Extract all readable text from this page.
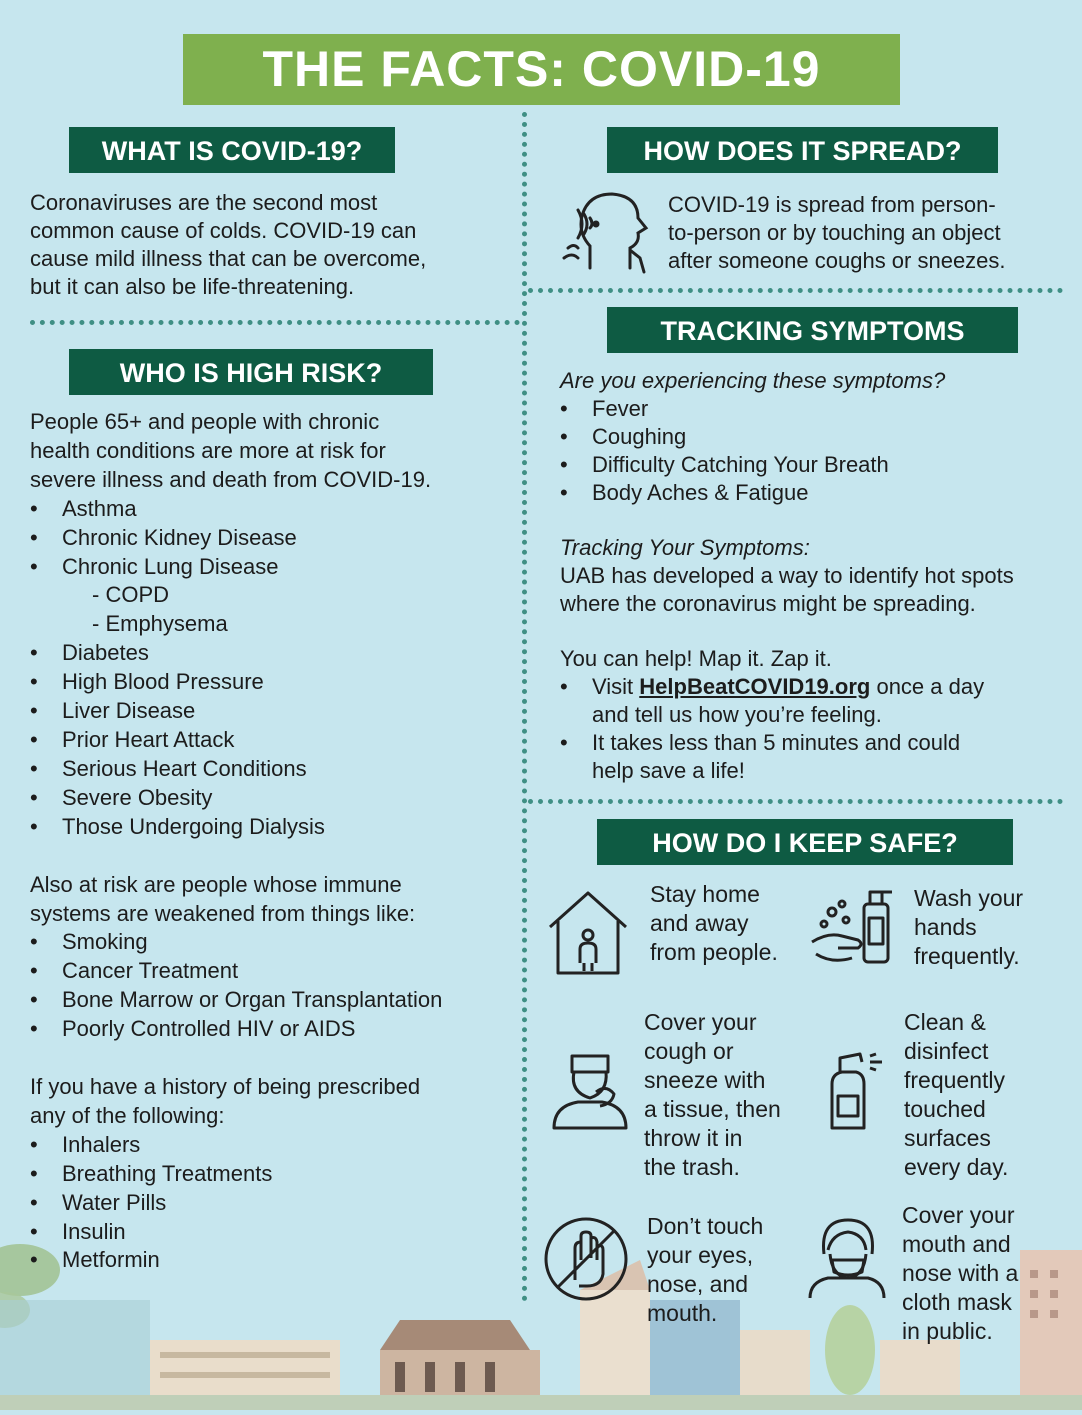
THE FACTS: COVID-19
WHAT IS COVID-19?
Coronaviruses are the second most
common cause of colds. COVID-19 can
cause mild illness that can be overcome,
but it can also be life-threatening.
WHO IS HIGH RISK?
People 65+ and people with chronic
health conditions are more at risk for
severe illness and death from COVID-19.
• Asthma
• Chronic Kidney Disease
• Chronic Lung Disease
- COPD
- Emphysema
• Diabetes
• High Blood Pressure
• Liver Disease
• Prior Heart Attack
• Serious Heart Conditions
• Severe Obesity
• Those Undergoing Dialysis
Also at risk are people whose immune
systems are weakened from things like:
• Smoking
• Cancer Treatment
• Bone Marrow or Organ Transplantation
• Poorly Controlled HIV or AIDS
If you have a history of being prescribed
any of the following:
• Inhalers
• Breathing Treatments
• Water Pills
• Insulin
• Metformin
HOW DOES IT SPREAD?
COVID-19 is spread from person-
to-person or by touching an object
after someone coughs or sneezes.
TRACKING SYMPTOMS
Are you experiencing these symptoms?
• Fever
• Coughing
• Difficulty Catching Your Breath
• Body Aches & Fatigue
Tracking Your Symptoms:
UAB has developed a way to identify hot spots
where the coronavirus might be spreading.
You can help! Map it. Zap it.
• Visit HelpBeatCOVID19.org once a day
and tell us how you’re feeling.
• It takes less than 5 minutes and could
help save a life!
HOW DO I KEEP SAFE?
Stay home
and away
from people.
Wash your
hands
frequently.
Cover your
cough or
sneeze with
a tissue, then
throw it in
the trash.
Clean &
disinfect
frequently
touched
surfaces
every day.
Don’t touch
your eyes,
nose, and
mouth.
Cover your
mouth and
nose with a
cloth mask
in public.
